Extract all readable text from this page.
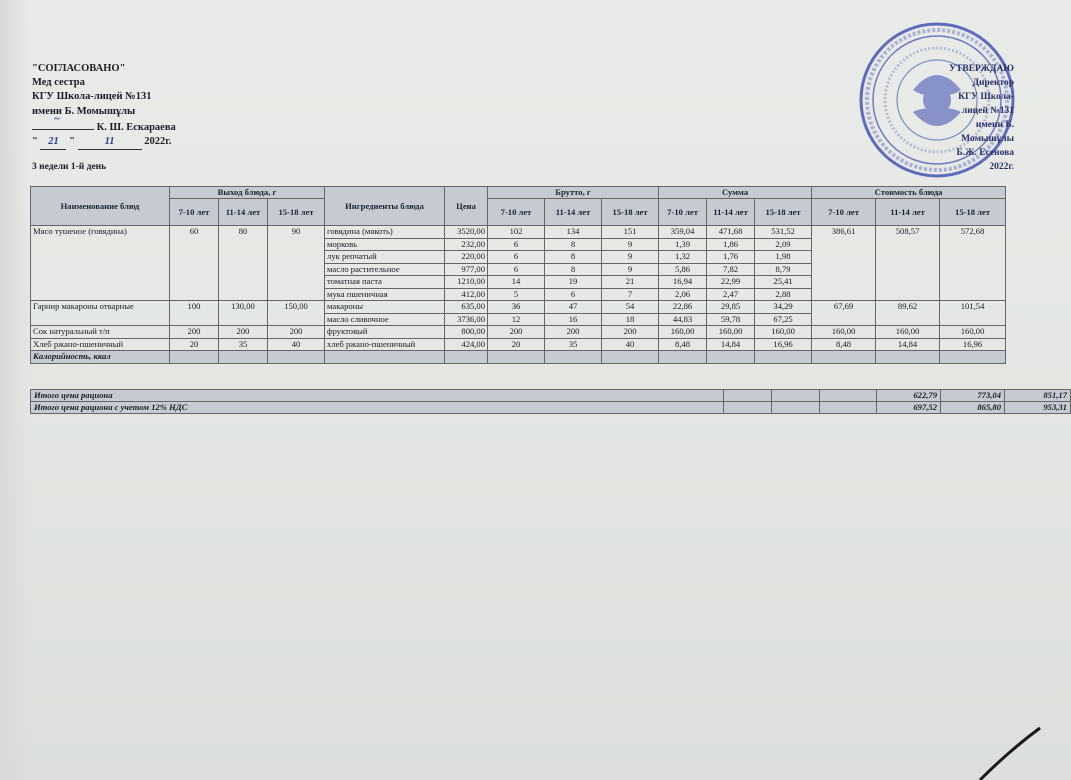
"СОГЛАСОВАНО"
Мед сестра
КГУ Школа-лицей №131
имени Б. Момышұлы
~
К. Ш. Ескараева
" 21 "	11	2022г.
3 недели 1-й день
УТВЕРЖДАЮ
Директор
КГУ Школа-лицей №131
имени Б. Момышұлы
Б.Ж. Есенова
2022г.
Наименование блюд	Выход блюда, г			Ингредиенты блюда	Цена	Брутто, г			Сумма			Стоимость блюда		
	7-10 лет	11-14 лет	15-18 лет			7-10 лет	11-14 лет	15-18 лет	7-10 лет	11-14 лет	15-18 лет	7-10 лет	11-14 лет	15-18 лет
Мясо тушеное (говядина)	60	80	90	говядина (мякоть)	3520,00	102	134	151	359,04	471,68	531,52	386,61	508,57	572,68
				морковь	232,00	6	8	9	1,39	1,86	2,09			
				лук репчатый	220,00	6	8	9	1,32	1,76	1,98			
				масло растительное	977,00	6	8	9	5,86	7,82	8,79			
				томатная паста	1210,00	14	19	21	16,94	22,99	25,41			
				мука пшеничная	412,00	5	6	7	2,06	2,47	2,88			
Гарнир макароны отварные	100	130,00	150,00	макароны	635,00	36	47	54	22,86	29,85	34,29	67,69	89,62	101,54
				масло сливочное	3736,00	12	16	18	44,83	59,78	67,25			
Сок натуральный т/п	200	200	200	фруктовый	800,00	200	200	200	160,00	160,00	160,00	160,00	160,00	160,00
Хлеб ржано-пшеничный	20	35	40	хлеб ржано-пшеничный	424,00	20	35	40	8,48	14,84	16,96	8,48	14,84	16,96
Калорийность, ккал														
Итого цена рациона				622,79	773,04	851,17
Итого цена рациона с учетом 12% НДС				697,52	865,80	953,31
